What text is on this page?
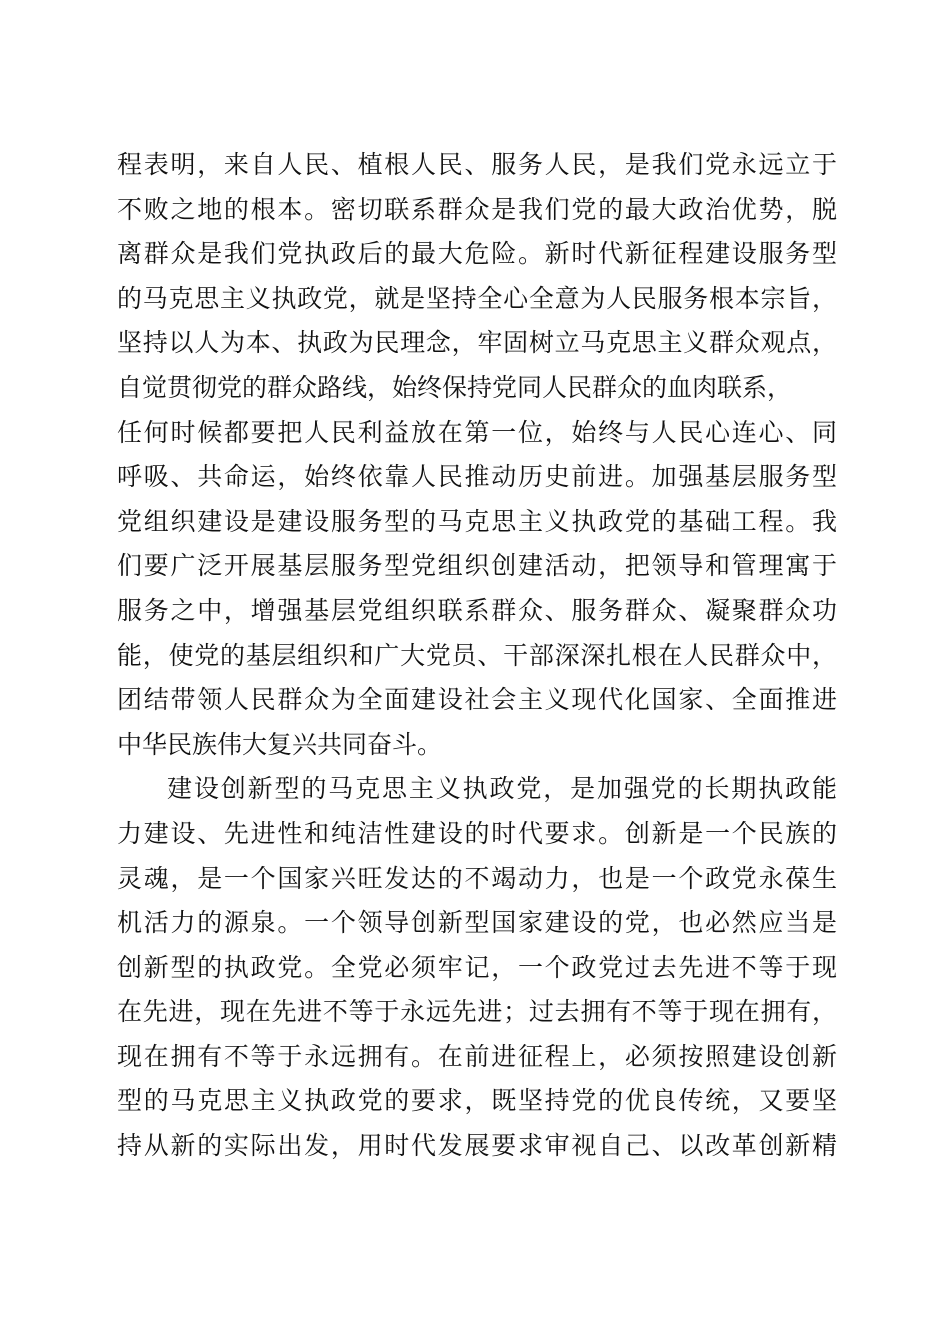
程表明，来自人民、植根人民、服务人民，是我们党永远立于
不败之地的根本。密切联系群众是我们党的最大政治优势，脱
离群众是我们党执政后的最大危险。新时代新征程建设服务型
的马克思主义执政党，就是坚持全心全意为人民服务根本宗旨，
坚持以人为本、执政为民理念，牢固树立马克思主义群众观点，
自觉贯彻党的群众路线，始终保持党同人民群众的血肉联系，
任何时候都要把人民利益放在第一位，始终与人民心连心、同
呼吸、共命运，始终依靠人民推动历史前进。加强基层服务型
党组织建设是建设服务型的马克思主义执政党的基础工程。我
们要广泛开展基层服务型党组织创建活动，把领导和管理寓于
服务之中，增强基层党组织联系群众、服务群众、凝聚群众功
能，使党的基层组织和广大党员、干部深深扎根在人民群众中，
团结带领人民群众为全面建设社会主义现代化国家、全面推进
中华民族伟大复兴共同奋斗。
建设创新型的马克思主义执政党，是加强党的长期执政能
力建设、先进性和纯洁性建设的时代要求。创新是一个民族的
灵魂，是一个国家兴旺发达的不竭动力，也是一个政党永葆生
机活力的源泉。一个领导创新型国家建设的党，也必然应当是
创新型的执政党。全党必须牢记，一个政党过去先进不等于现
在先进，现在先进不等于永远先进；过去拥有不等于现在拥有，
现在拥有不等于永远拥有。在前进征程上，必须按照建设创新
型的马克思主义执政党的要求，既坚持党的优良传统，又要坚
持从新的实际出发，用时代发展要求审视自己、以改革创新精
